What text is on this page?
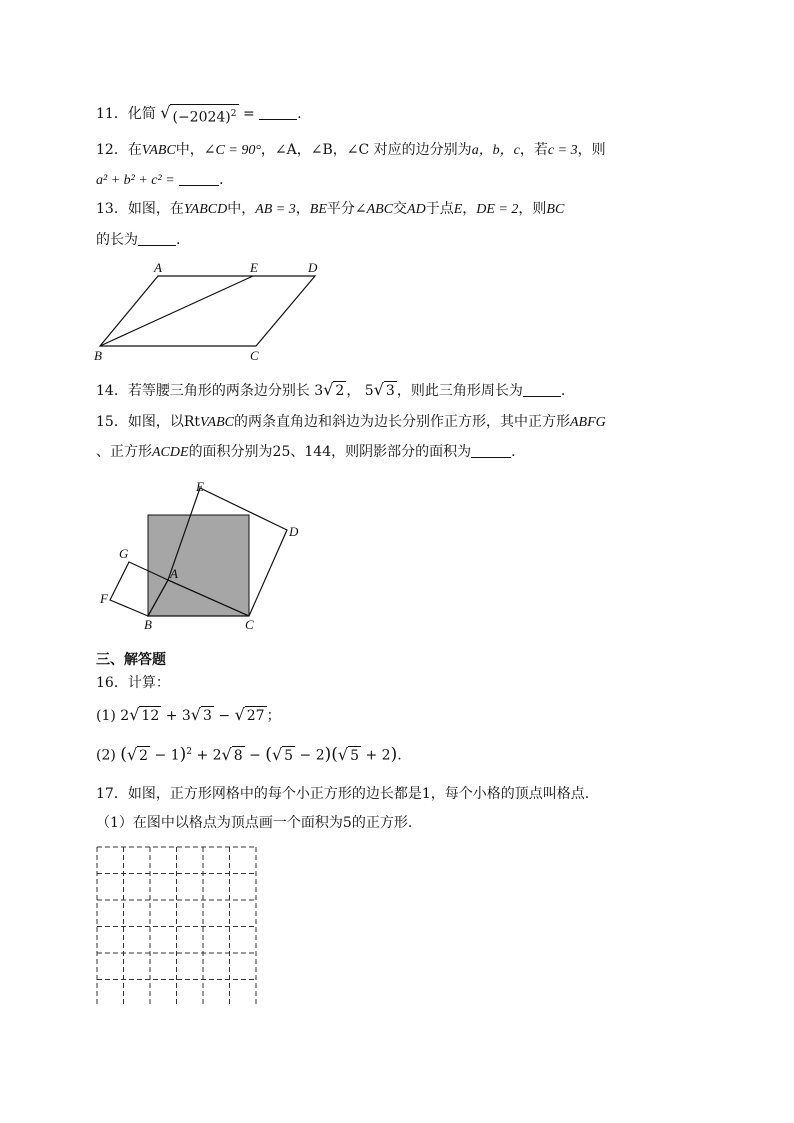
11．化简 √ $(-2024)^2$ =	.
12．在VABC中，∠C = 90°，∠A，∠B，∠C 对应的边分别为a，b，c，若c = 3，则
a² + b² + c² =	.
13．如图，在YABCD中，AB = 3，BE平分∠ABC交AD于点E，DE = 2，则BC
的长为	.
A	E	D
B	C
14．若等腰三角形的两条边分别长 3 √ 2 ， 5 √ 3 ，则此三角形周长为	.
15．如图，以RtVABC的两条直角边和斜边为边长分别作正方形，其中正方形ABFG
、正方形ACDE的面积分别为25、144，则阴影部分的面积为	.
E
D
G
A
F
B	C
三、解答题
16．计算：
(1) 2 √ 12 + 3 √ 3 − √ 27 ；
(2) ( √ 2 − 1)$^2$ + 2 √ 8 − ( √ 5 − 2)( √ 5 + 2).
17．如图，正方形网格中的每个小正方形的边长都是1，每个小格的顶点叫格点.
（1）在图中以格点为顶点画一个面积为5的正方形.
